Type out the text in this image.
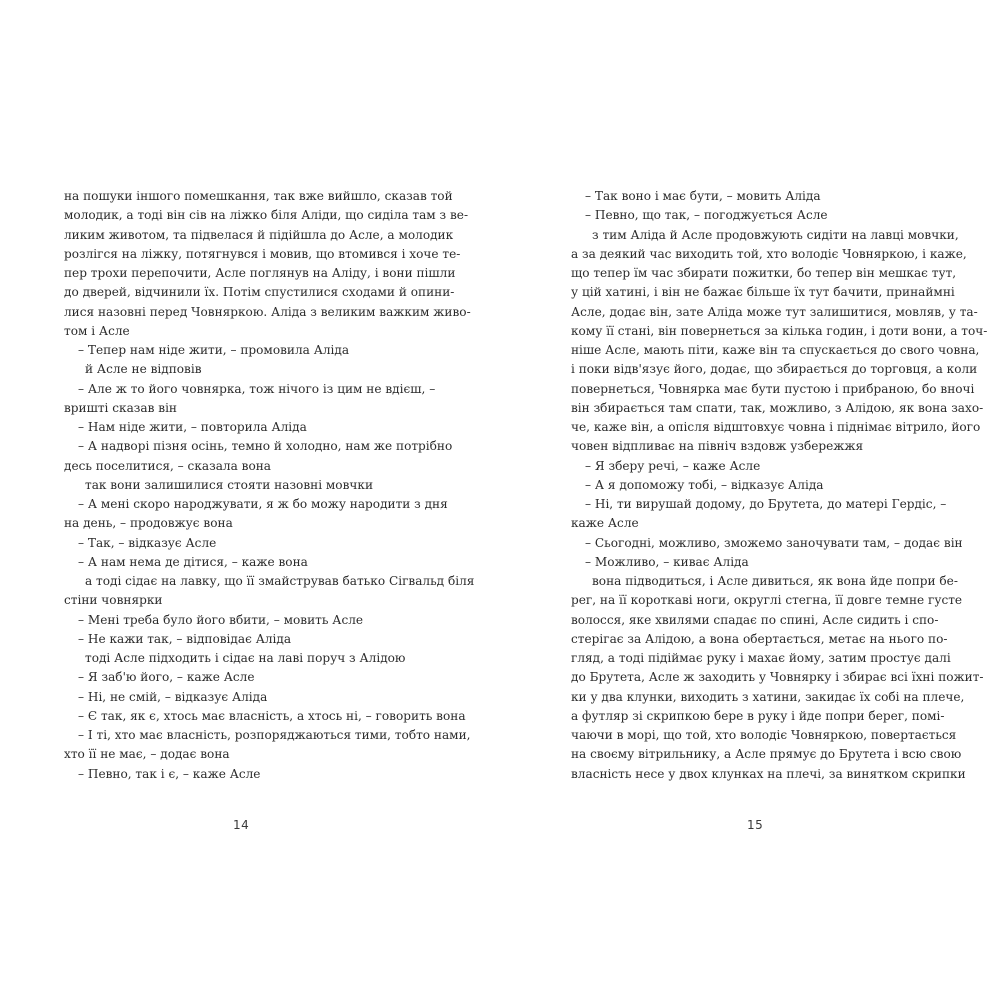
на пошуки іншого помешкання, так вже вийшло, сказав той
молодик, а тоді він сів на ліжко біля Аліди, що сиділа там з ве-
ликим животом, та підвелася й підійшла до Асле, а молодик
розлігся на ліжку, потягнувся і мовив, що втомився і хоче те-
пер трохи перепочити, Асле поглянув на Аліду, і вони пішли
до дверей, відчинили їх. Потім спустилися сходами й опини-
лися назовні перед Човняркою. Аліда з великим важким живо-
том і Асле
– Тепер нам ніде жити, – промовила Аліда
й Асле не відповів
– Але ж то його човнярка, тож нічого із цим не вдієш, –
вришті сказав він
– Нам ніде жити, – повторила Аліда
– А надворі пізня осінь, темно й холодно, нам же потрібно
десь поселитися, – сказала вона
так вони залишилися стояти назовні мовчки
– А мені скоро народжувати, я ж бо можу народити з дня
на день, – продовжує вона
– Так, – відказує Асле
– А нам нема де дітися, – каже вона
а тоді сідає на лавку, що її змайстрував батько Сігвальд біля
стіни човнярки
– Мені треба було його вбити, – мовить Асле
– Не кажи так, – відповідає Аліда
тоді Асле підходить і сідає на лаві поруч з Алідою
– Я заб'ю його, – каже Асле
– Ні, не смій, – відказує Аліда
– Є так, як є, хтось має власність, а хтось ні, – говорить вона
– І ті, хто має власність, розпоряджаються тими, тобто нами,
хто її не має, – додає вона
– Певно, так і є, – каже Асле
– Так воно і має бути, – мовить Аліда
– Певно, що так, – погоджується Асле
з тим Аліда й Асле продовжують сидіти на лавці мовчки,
а за деякий час виходить той, хто володіє Човняркою, і каже,
що тепер їм час збирати пожитки, бо тепер він мешкає тут,
у цій хатині, і він не бажає більше їх тут бачити, принаймні
Асле, додає він, зате Аліда може тут залишитися, мовляв, у та-
кому її стані, він повернеться за кілька годин, і доти вони, а точ-
ніше Асле, мають піти, каже він та спускається до свого човна,
і поки відв'язує його, додає, що збирається до торговця, а коли
повернеться, Човнярка має бути пустою і прибраною, бо вночі
він збирається там спати, так, можливо, з Алідою, як вона захо-
че, каже він, а опісля відштовхує човна і піднімає вітрило, його
човен відпливає на північ вздовж узбережжя
– Я зберу речі, – каже Асле
– А я допоможу тобі, – відказує Аліда
– Ні, ти вирушай додому, до Брутета, до матері Гердіс, –
каже Асле
– Сьогодні, можливо, зможемо заночувати там, – додає він
– Можливо, – киває Аліда
вона підводиться, і Асле дивиться, як вона йде попри бе-
рег, на її короткаві ноги, округлі стегна, її довге темне густе
волосся, яке хвилями спадає по спині, Асле сидить і спо-
стерігає за Алідою, а вона обертається, метає на нього по-
гляд, а тоді підіймає руку і махає йому, затим простує далі
до Брутета, Асле ж заходить у Човнярку і збирає всі їхні пожит-
ки у два клунки, виходить з хатини, закидає їх собі на плече,
а футляр зі скрипкою бере в руку і йде попри берег, помі-
чаючи в морі, що той, хто володіє Човняркою, повертається
на своєму вітрильнику, а Асле прямує до Брутета і всю свою
власність несе у двох клунках на плечі, за винятком скрипки
14	15
